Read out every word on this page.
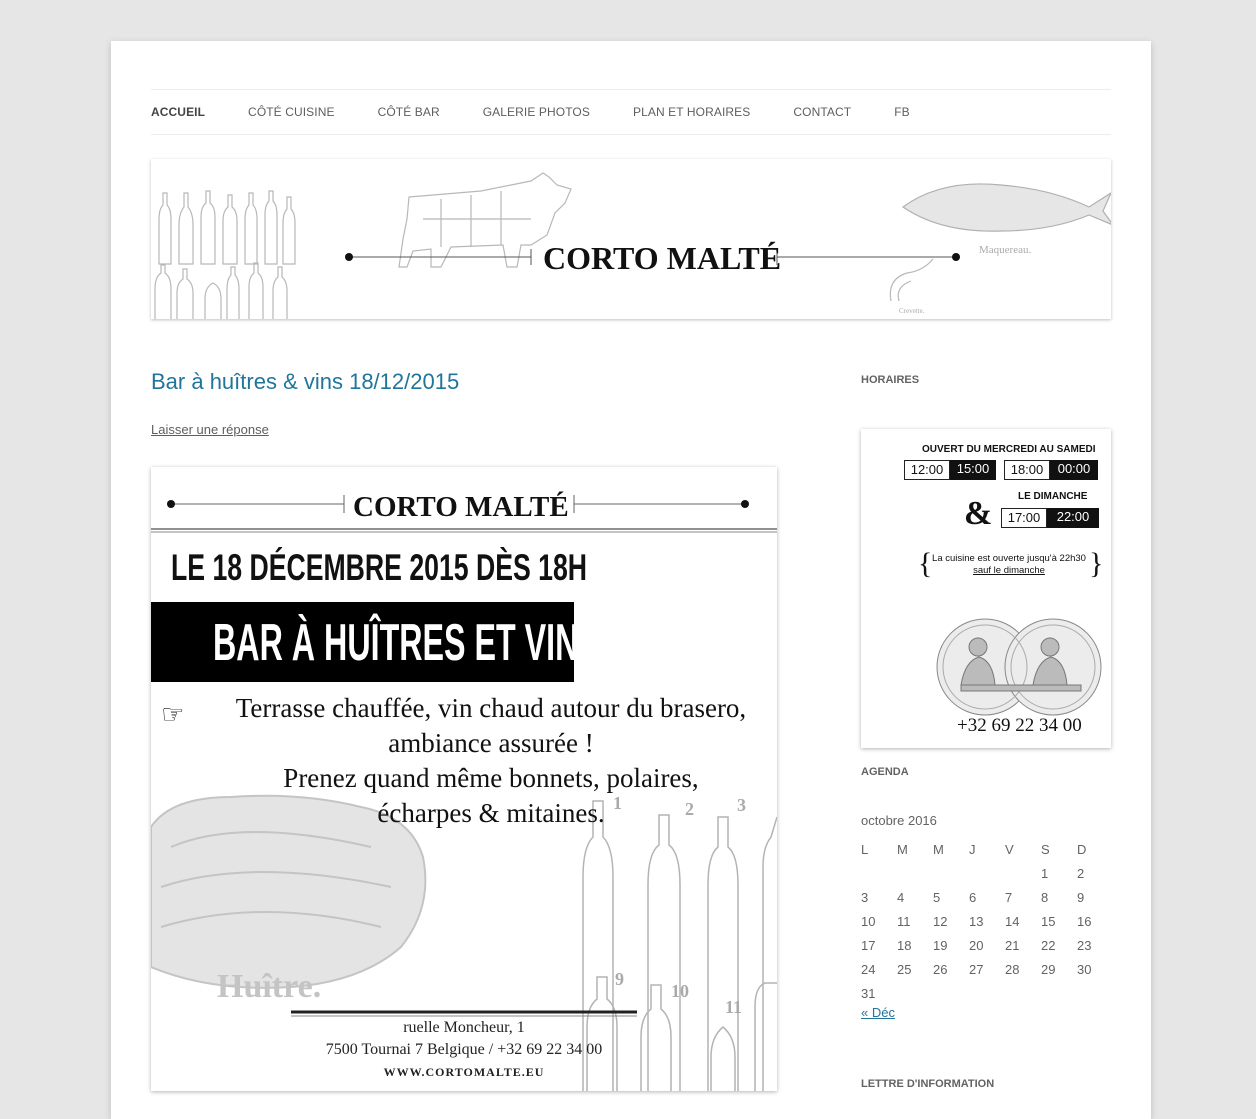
ACCUEIL	CÔTÉ CUISINE	CÔTÉ BAR	GALERIE PHOTOS	PLAN ET HORAIRES	CONTACT	FB
Maquereau.
Crevette.
CORTO MALTÉ
Bar à huîtres & vins 18/12/2015
Laisser une réponse
CORTO MALTÉ
Huître.
1	2 3
9
10
11
LE 18 DÉCEMBRE 2015 DÈS 18H
BAR À HUÎTRES ET VINS
☞	Terrasse chauffée, vin chaud autour du brasero,
ambiance assurée !
Prenez quand même bonnets, polaires,
écharpes & mitaines.
ruelle Moncheur, 1
7500 Tournai 7 Belgique / +32 69 22 34 00
WWW.CORTOMALTE.EU
HORAIRES
OUVERT DU MERCREDI AU SAMEDI
12:00	15:00	18:00	00:00
&	LE DIMANCHE
17:00	22:00
{ La cuisine est ouverte jusqu'à 22h30
sauf le dimanche	}
+32 69 22 34 00
AGENDA
octobre 2016
L	M	M	J	V	S	D
					1	2
3	4	5	6	7	8	9
10	11	12	13	14	15	16
17	18	19	20	21	22	23
24	25	26	27	28	29	30
31						
« Déc
LETTRE D'INFORMATION
